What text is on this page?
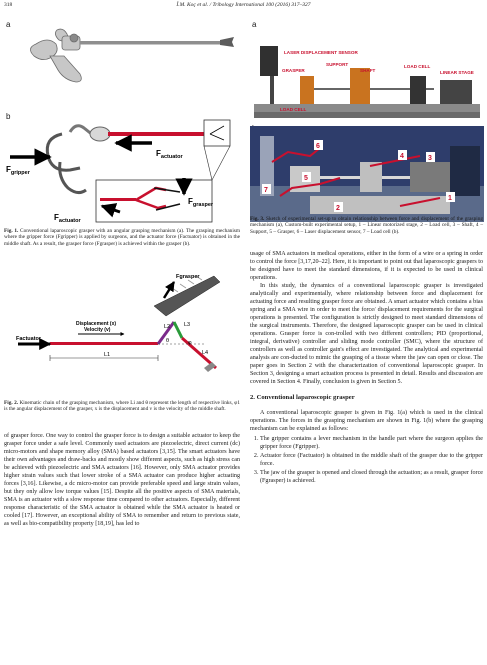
318	Î.M. Koç et al. / Tribology International 100 (2016) 317–327
a
b
$F_{actuator}$
$F_{gripper}$
$F_{actuator}$
$F_{grasper}$
Fig. 1. Conventional laparoscopic grasper with an angular grasping mechanism (a). The grasping mechanism where the gripper force (Fgripper) is applied by surgeons, and the actuator force (Factuator) is obtained in the middle shaft. As a result, the grasper force (Fgrasper) is achieved within the grasper (b).
Factuator
Displacement (x)
Velocity (v)
Fgrasper
L1
L2	L3
L4
θ	φ
Fig. 2. Kinematic chain of the grasping mechanism, where Li and θ represent the length of respective links, φ1 is the angular displacement of the grasper, x is the displacement and v is the velocity of the middle shaft.

of grasper force. One way to control the grasper force is to design a suitable actuator to keep the grasper force under a safe level. Commonly used actuators are piezoelectric, direct current (dc) micro-motors and shape memory alloy (SMA) based actuators [3,15]. The smart actuators have their own advantages and draw-backs and mostly show different aspects, such as high stress can be achieved with piezoelectric and SMA actuators [16]. However, only SMA actuator provides higher strain values such that lower stroke of a SMA actuator can produce higher actuating forces [3,16]. Likewise, a dc micro-motor can provide preferable speed and large strain values, but they only allow low torque values [15]. Despite all the positive aspects of SMA materials, SMA is an actuator with a slow response time compared to other actuators. Especially, different response characteristic of the SMA actuator is obtained while the SMA actuator is heated or cooled [17]. However, an exceptional ability of SMA to remember and return to previous state, as well as bio-compatibility property [18,19], has led to

a
LASER DISPLACEMENT SENSOR
GRASPER
SUPPORT
SHAFT
LOAD CELL
LINEAR STAGE
LOAD CELL
6
7
5
2
4	3
1
Fig. 3. Sketch of experimental set-up to obtain relationship between force and displacement of the grasping mechanism (a), Custom-built experimental setup, 1 – Linear motorized stage, 2 – Load cell, 3 – Shaft, 4 – Support, 5 – Grasper, 6 – Laser displacement sensor, 7 – Load cell (b).

usage of SMA actuators in medical operations, either in the form of a wire or a spring in order to control the force [3,17,20–22]. Here, it is important to point out that laparoscopic graspers to be designed have to meet the standard dimensions, if it is expected to be used in clinical operations.

In this study, the dynamics of a conventional laparoscopic grasper is investigated analytically and experimentally, where relationship between force and displacement for actuating force and resulting grasper force are obtained. A smart actuator which contains a bias spring and a SMA wire in order to meet the force/ displacement requirements for the surgical operations is presented. The configuration is strictly designed to meet standard dimensions of the surgical instruments. Therefore, the designed laparoscopic grasper can be used in clinical operations. Grasper force is con-trolled with two different controllers; PID (proportional, integral, derivative) controller and sliding mode controller (SMC), where the structure of controllers as well as controller gain's effect are investigated. The analytical and experimental analysis are con-ducted to mimic the grasping of a tissue where the jaw can open or close. The paper goes in Section 2 with the characterization of conventional laparoscopic grasper. In Section 3, designing a smart actuation process is presented in detail. Results and discussion are covered in Section 4. Finally, conclusion is given in Section 5.

2. Conventional laparoscopic grasper

A conventional laparoscopic grasper is given in Fig. 1(a) which is used in the clinical operations. The forces in the grasping mechanism are shown in Fig. 1(b) where the grasping mechanism can be explained as follows:

1. The gripper contains a lever mechanism in the handle part where the surgeon applies the gripper force (Fgripper).
2. Actuator force (Factuator) is obtained in the middle shaft of the grasper due to the gripper force.
3. The jaw of the grasper is opened and closed through the actuation; as a result, grasper force (Fgrasper) is achieved.
